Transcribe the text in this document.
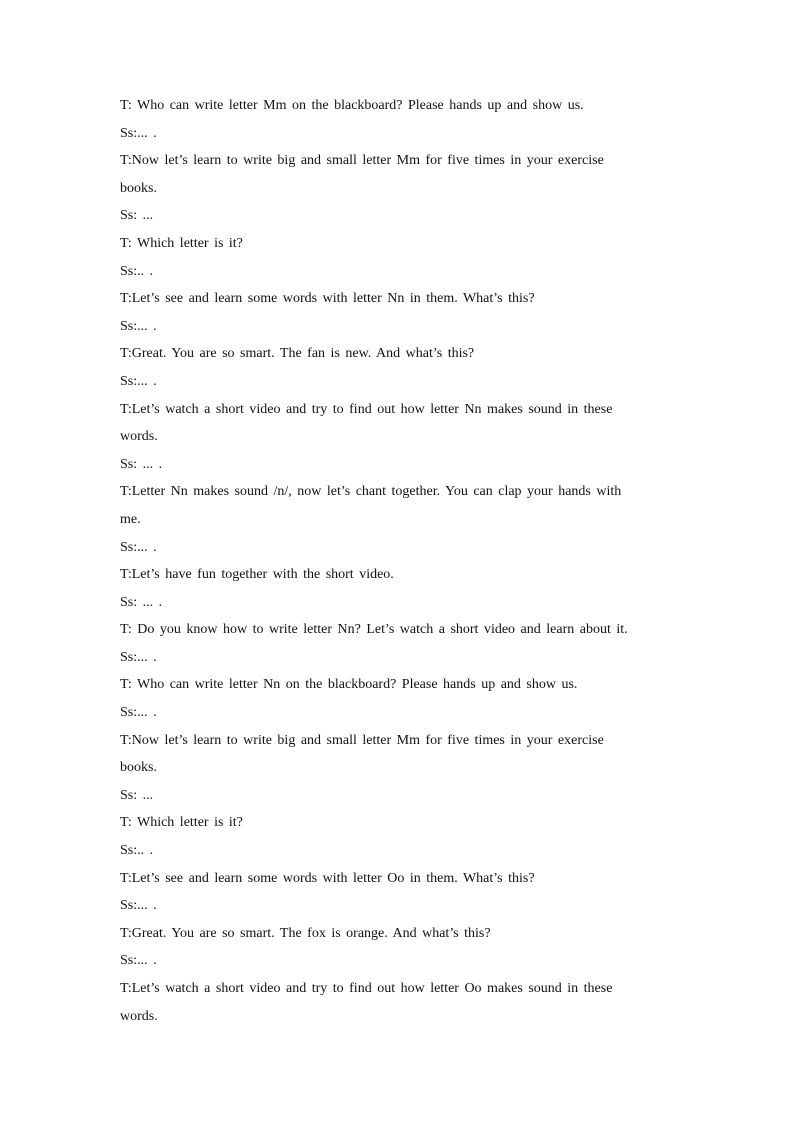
T: Who can write letter Mm on the blackboard? Please hands up and show us.
Ss:... .
T:Now let’s learn to write big and small letter Mm for five times in your exercise
books.
Ss: ...
T: Which letter is it?
Ss:.. .
T:Let’s see and learn some words with letter Nn in them. What’s this?
Ss:... .
T:Great. You are so smart. The fan is new. And what’s this?
Ss:... .
T:Let’s watch a short video and try to find out how letter Nn makes sound in these
words.
Ss: ... .
T:Letter Nn makes sound /n/, now let’s chant together. You can clap your hands with
me.
Ss:... .
T:Let’s have fun together with the short video.
Ss: ... .
T: Do you know how to write letter Nn? Let’s watch a short video and learn about it.
Ss:... .
T: Who can write letter Nn on the blackboard? Please hands up and show us.
Ss:... .
T:Now let’s learn to write big and small letter Mm for five times in your exercise
books.
Ss: ...
T: Which letter is it?
Ss:.. .
T:Let’s see and learn some words with letter Oo in them. What’s this?
Ss:... .
T:Great. You are so smart. The fox is orange. And what’s this?
Ss:... .
T:Let’s watch a short video and try to find out how letter Oo makes sound in these
words.
